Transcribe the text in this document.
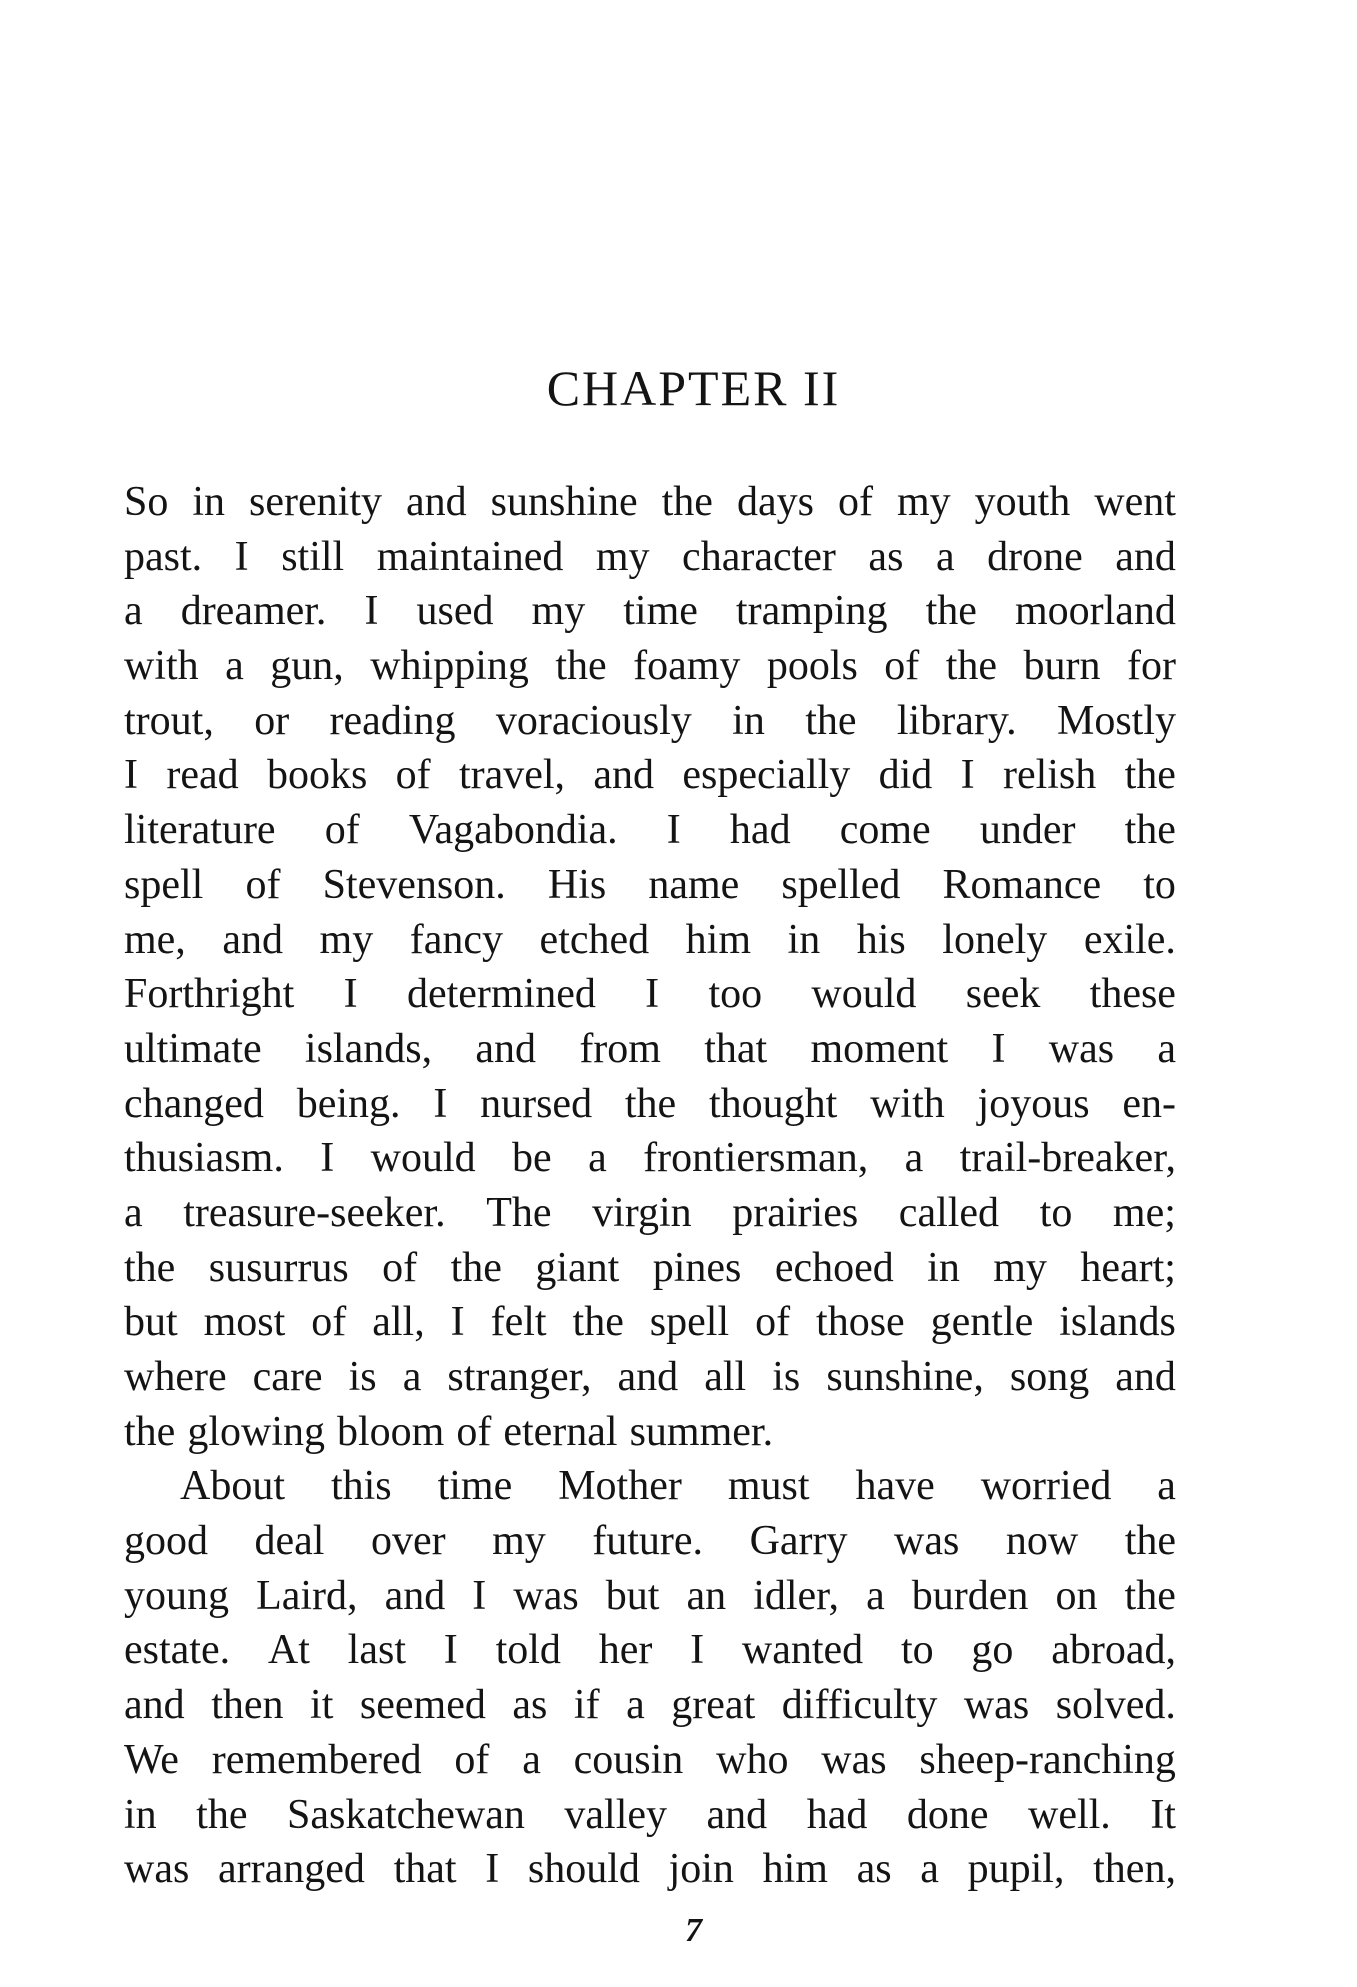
CHAPTER II
So in serenity and sunshine the days of my youth went
past. I still maintained my character as a drone and
a dreamer. I used my time tramping the moorland
with a gun, whipping the foamy pools of the burn for
trout, or reading voraciously in the library. Mostly
I read books of travel, and especially did I relish the
literature of Vagabondia. I had come under the
spell of Stevenson. His name spelled Romance to
me, and my fancy etched him in his lonely exile.
Forthright I determined I too would seek these
ultimate islands, and from that moment I was a
changed being. I nursed the thought with joyous en-
thusiasm. I would be a frontiersman, a trail-breaker,
a treasure-seeker. The virgin prairies called to me;
the susurrus of the giant pines echoed in my heart;
but most of all, I felt the spell of those gentle islands
where care is a stranger, and all is sunshine, song and
the glowing bloom of eternal summer.
About this time Mother must have worried a
good deal over my future. Garry was now the
young Laird, and I was but an idler, a burden on the
estate. At last I told her I wanted to go abroad,
and then it seemed as if a great difficulty was solved.
We remembered of a cousin who was sheep-ranching
in the Saskatchewan valley and had done well. It
was arranged that I should join him as a pupil, then,
7
